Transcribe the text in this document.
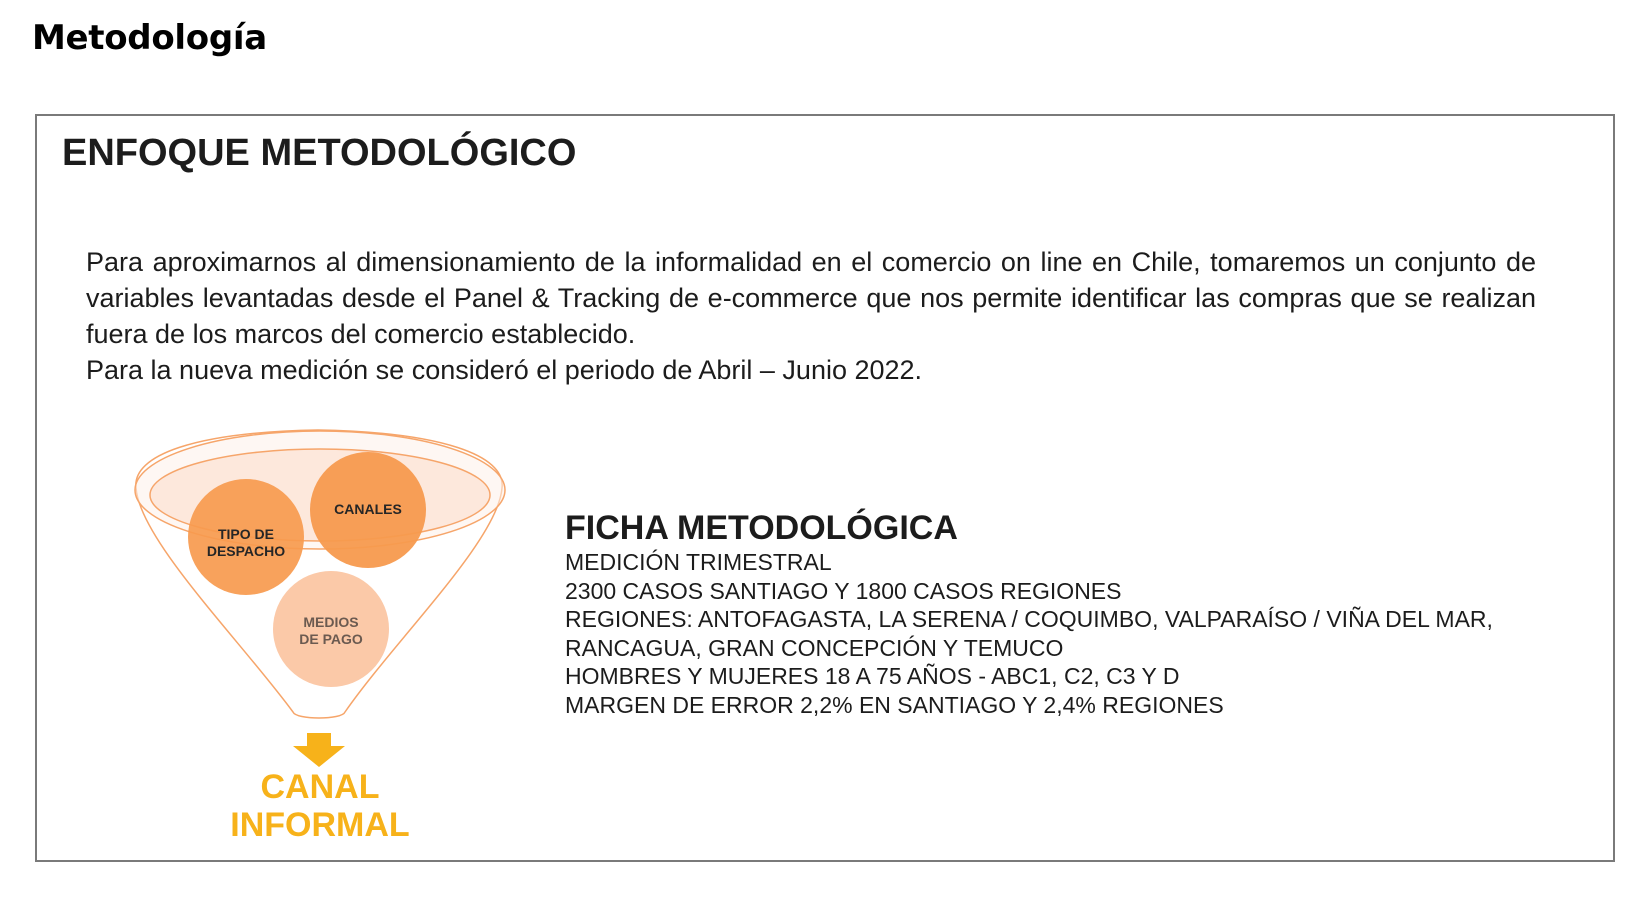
Metodología
ENFOQUE METODOLÓGICO

Para aproximarnos al dimensionamiento de la informalidad en el comercio on line en Chile, tomaremos un conjunto de variables levantadas desde el Panel & Tracking de e-commerce que nos permite identificar las compras que se realizan fuera de los marcos del comercio establecido.

Para la nueva medición se consideró el periodo de Abril – Junio 2022.

CANALES
TIPO DE
DESPACHO
MEDIOS
DE PAGO
CANAL
INFORMAL
FICHA METODOLÓGICA
MEDICIÓN TRIMESTRAL
2300 CASOS SANTIAGO Y 1800 CASOS REGIONES
REGIONES: ANTOFAGASTA, LA SERENA / COQUIMBO, VALPARAÍSO / VIÑA DEL MAR,
RANCAGUA, GRAN CONCEPCIÓN Y TEMUCO
HOMBRES Y MUJERES 18 A 75 AÑOS - ABC1, C2, C3 Y D
MARGEN DE ERROR 2,2% EN SANTIAGO Y 2,4% REGIONES
